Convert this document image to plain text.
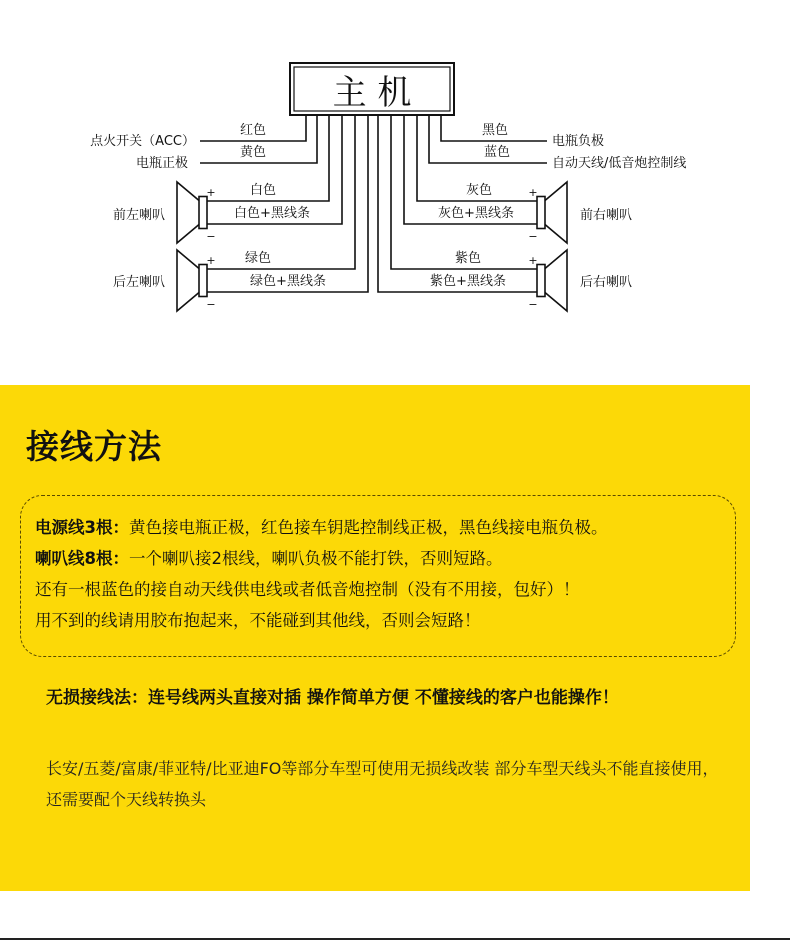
主 机
红色
黄色
白色
白色+黑线条
绿色
绿色+黑线条
黑色
蓝色
灰色
灰色+黑线条
紫色
紫色+黑线条
点火开关（ACC）
电瓶正极
电瓶负极
自动天线/低音炮控制线
前左喇叭
后左喇叭
前右喇叭
后右喇叭
+
−
+
−
+
−
+
−
接线方法
电源线3根：黄色接电瓶正极，红色接车钥匙控制线正极，黑色线接电瓶负极。
喇叭线8根：一个喇叭接2根线，喇叭负极不能打铁，否则短路。
还有一根蓝色的接自动天线供电线或者低音炮控制（没有不用接，包好）！
用不到的线请用胶布抱起来，不能碰到其他线，否则会短路！
无损接线法：连号线两头直接对插 操作简单方便 不懂接线的客户也能操作！
长安/五菱/富康/菲亚特/比亚迪FO等部分车型可使用无损线改装 部分车型天线头不能直接使用，还需要配个天线转换头
